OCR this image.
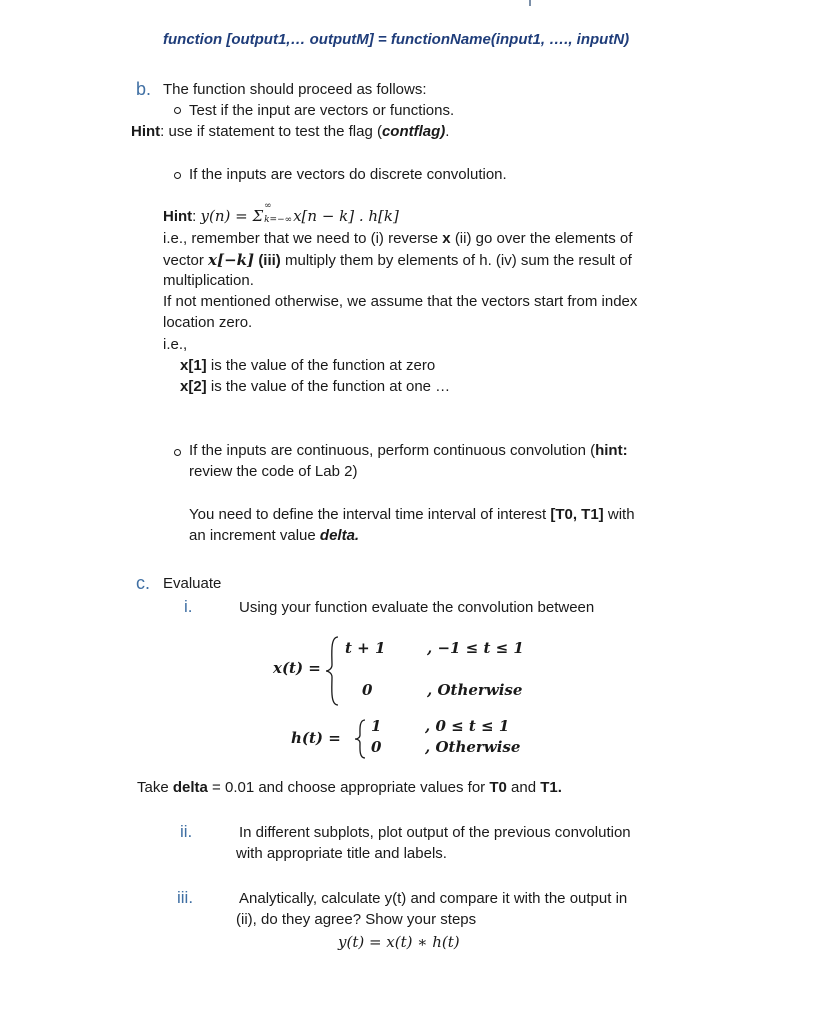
function [output1,… outputM] = functionName(input1, …., inputN)
b. The function should proceed as follows:
Test if the input are vectors or functions.
Hint: use if statement to test the flag (contflag).
If the inputs are vectors do discrete convolution.
Hint: y(n) = Σ
∞
k=−∞ x[n − k] . h[k]
i.e., remember that we need to (i) reverse x (ii) go over the elements of
vector x[−k] (iii) multiply them by elements of h. (iv) sum the result of
multiplication.
If not mentioned otherwise, we assume that the vectors start from index
location zero.
i.e.,
x[1] is the value of the function at zero
x[2] is the value of the function at one …
If the inputs are continuous, perform continuous convolution (hint:
review the code of Lab 2)
You need to define the interval time interval of interest [T0, T1] with
an increment value delta.
c. Evaluate
i.	Using your function evaluate the convolution between
x(t) =
t + 1	, −1 ≤ t ≤ 1
0	, Otherwise
h(t) =
1	, 0 ≤ t ≤ 1
0	, Otherwise
Take delta = 0.01 and choose appropriate values for T0 and T1.
ii.	In different subplots, plot output of the previous convolution
with appropriate title and labels.
iii.	Analytically, calculate y(t) and compare it with the output in
(ii), do they agree? Show your steps
y(t) = x(t) ∗ h(t)
